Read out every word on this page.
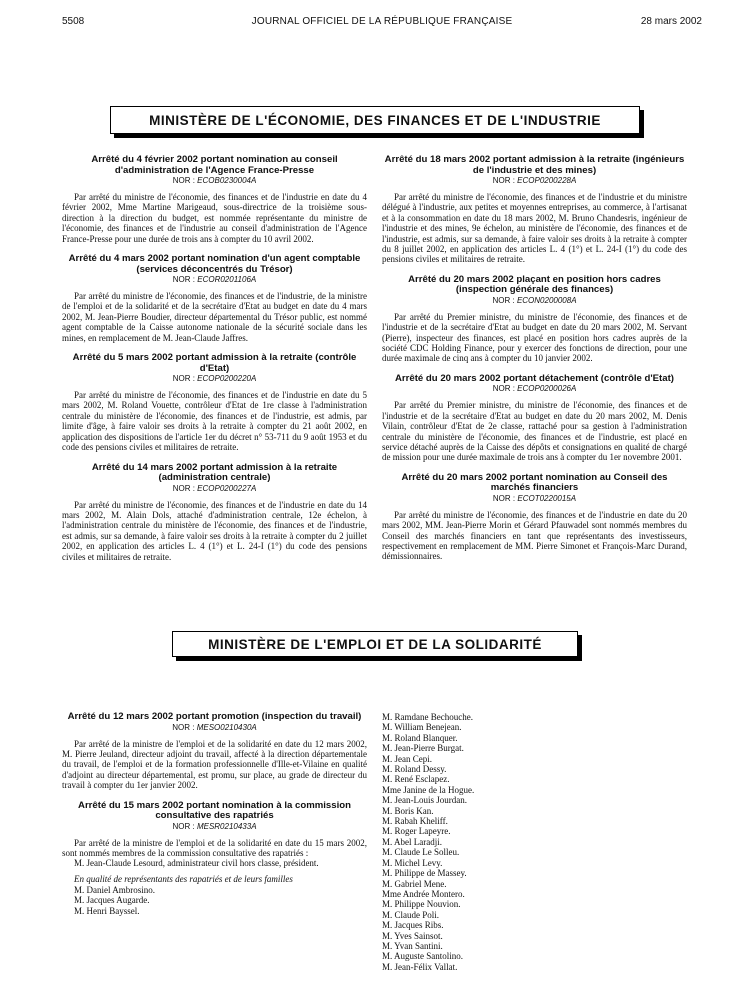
5508	JOURNAL OFFICIEL DE LA RÉPUBLIQUE FRANÇAISE	28 mars 2002
MINISTÈRE DE L'ÉCONOMIE, DES FINANCES ET DE L'INDUSTRIE
Arrêté du 4 février 2002 portant nomination au conseil d'administration de l'Agence France-Presse
NOR : ECOB0230004A

Par arrêté du ministre de l'économie, des finances et de l'industrie en date du 4 février 2002, Mme Martine Marigeaud, sous-directrice de la troisième sous-direction à la direction du budget, est nommée représentante du ministre de l'économie, des finances et de l'industrie au conseil d'administration de l'Agence France-Presse pour une durée de trois ans à compter du 10 avril 2002.

Arrêté du 4 mars 2002 portant nomination d'un agent comptable (services déconcentrés du Trésor)
NOR : ECOR0201106A

Par arrêté du ministre de l'économie, des finances et de l'industrie, de la ministre de l'emploi et de la solidarité et de la secrétaire d'Etat au budget en date du 4 mars 2002, M. Jean-Pierre Boudier, directeur départemental du Trésor public, est nommé agent comptable de la Caisse autonome nationale de la sécurité sociale dans les mines, en remplacement de M. Jean-Claude Jaffres.

Arrêté du 5 mars 2002 portant admission à la retraite (contrôle d'Etat)
NOR : ECOP0200220A

Par arrêté du ministre de l'économie, des finances et de l'industrie en date du 5 mars 2002, M. Roland Vouette, contrôleur d'Etat de 1re classe à l'administration centrale du ministère de l'économie, des finances et de l'industrie, est admis, par limite d'âge, à faire valoir ses droits à la retraite à compter du 21 août 2002, en application des dispositions de l'article 1er du décret n° 53-711 du 9 août 1953 et du code des pensions civiles et militaires de retraite.

Arrêté du 14 mars 2002 portant admission à la retraite (administration centrale)
NOR : ECOP0200227A

Par arrêté du ministre de l'économie, des finances et de l'industrie en date du 14 mars 2002, M. Alain Dols, attaché d'administration centrale, 12e échelon, à l'administration centrale du ministère de l'économie, des finances et de l'industrie, est admis, sur sa demande, à faire valoir ses droits à la retraite à compter du 2 juillet 2002, en application des articles L. 4 (1°) et L. 24-I (1°) du code des pensions civiles et militaires de retraite.

Arrêté du 18 mars 2002 portant admission à la retraite (ingénieurs de l'industrie et des mines)
NOR : ECOP0200228A

Par arrêté du ministre de l'économie, des finances et de l'industrie et du ministre délégué à l'industrie, aux petites et moyennes entreprises, au commerce, à l'artisanat et à la consommation en date du 18 mars 2002, M. Bruno Chandesris, ingénieur de l'industrie et des mines, 9e échelon, au ministère de l'économie, des finances et de l'industrie, est admis, sur sa demande, à faire valoir ses droits à la retraite à compter du 8 juillet 2002, en application des articles L. 4 (1°) et L. 24-I (1°) du code des pensions civiles et militaires de retraite.

Arrêté du 20 mars 2002 plaçant en position hors cadres (inspection générale des finances)
NOR : ECON0200008A

Par arrêté du Premier ministre, du ministre de l'économie, des finances et de l'industrie et de la secrétaire d'Etat au budget en date du 20 mars 2002, M. Servant (Pierre), inspecteur des finances, est placé en position hors cadres auprès de la société CDC Holding Finance, pour y exercer des fonctions de direction, pour une durée maximale de cinq ans à compter du 10 janvier 2002.

Arrêté du 20 mars 2002 portant détachement (contrôle d'Etat)
NOR : ECOP0200026A

Par arrêté du Premier ministre, du ministre de l'économie, des finances et de l'industrie et de la secrétaire d'Etat au budget en date du 20 mars 2002, M. Denis Vilain, contrôleur d'Etat de 2e classe, rattaché pour sa gestion à l'administration centrale du ministère de l'économie, des finances et de l'industrie, est placé en service détaché auprès de la Caisse des dépôts et consignations en qualité de chargé de mission pour une durée maximale de trois ans à compter du 1er novembre 2001.

Arrêté du 20 mars 2002 portant nomination au Conseil des marchés financiers
NOR : ECOT0220015A

Par arrêté du ministre de l'économie, des finances et de l'industrie en date du 20 mars 2002, MM. Jean-Pierre Morin et Gérard Pfauwadel sont nommés membres du Conseil des marchés financiers en tant que représentants des investisseurs, respectivement en remplacement de MM. Pierre Simonet et François-Marc Durand, démissionnaires.

MINISTÈRE DE L'EMPLOI ET DE LA SOLIDARITÉ
Arrêté du 12 mars 2002 portant promotion (inspection du travail)
NOR : MESO0210430A

Par arrêté de la ministre de l'emploi et de la solidarité en date du 12 mars 2002, M. Pierre Jeuland, directeur adjoint du travail, affecté à la direction départementale du travail, de l'emploi et de la formation professionnelle d'Ille-et-Vilaine en qualité d'adjoint au directeur départemental, est promu, sur place, au grade de directeur du travail à compter du 1er janvier 2002.

Arrêté du 15 mars 2002 portant nomination à la commission consultative des rapatriés
NOR : MESR0210433A

Par arrêté de la ministre de l'emploi et de la solidarité en date du 15 mars 2002, sont nommés membres de la commission consultative des rapatriés :

M. Jean-Claude Lesourd, administrateur civil hors classe, président.

En qualité de représentants des rapatriés et de leurs familles

M. Daniel Ambrosino.
M. Jacques Augarde.
M. Henri Bayssel.
M. Ramdane Bechouche.
M. William Benejean.
M. Roland Blanquer.
M. Jean-Pierre Burgat.
M. Jean Cepi.
M. Roland Dessy.
M. René Esclapez.
Mme Janine de la Hogue.
M. Jean-Louis Jourdan.
M. Boris Kan.
M. Rabah Kheliff.
M. Roger Lapeyre.
M. Abel Laradji.
M. Claude Le Solleu.
M. Michel Levy.
M. Philippe de Massey.
M. Gabriel Mene.
Mme Andrée Montero.
M. Philippe Nouvion.
M. Claude Poli.
M. Jacques Ribs.
M. Yves Sainsot.
M. Yvan Santini.
M. Auguste Santolino.
M. Jean-Félix Vallat.
